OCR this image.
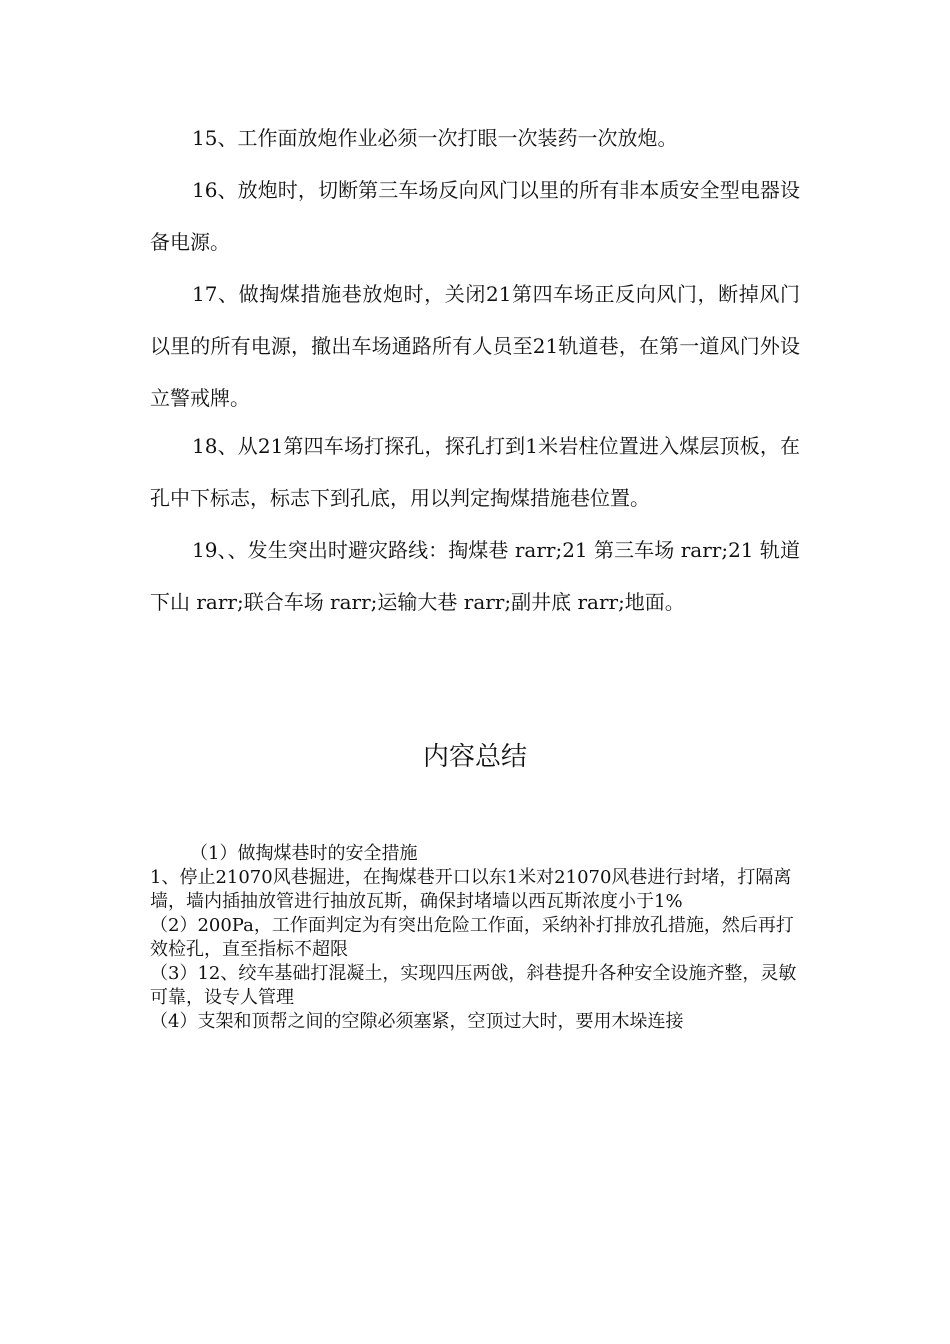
15、工作面放炮作业必须一次打眼一次装药一次放炮。

16、放炮时，切断第三车场反向风门以里的所有非本质安全型电器设备电源。

17、做掏煤措施巷放炮时，关闭21第四车场正反向风门，断掉风门以里的所有电源，撤出车场通路所有人员至21轨道巷，在第一道风门外设立警戒牌。

18、从21第四车场打探孔，探孔打到1米岩柱位置进入煤层顶板，在孔中下标志，标志下到孔底，用以判定掏煤措施巷位置。

19、、发生突出时避灾路线：掏煤巷 rarr;21 第三车场 rarr;21 轨道下山 rarr;联合车场 rarr;运输大巷 rarr;副井底 rarr;地面。

内容总结

（1）做掏煤巷时的安全措施

1、停止21070风巷掘进，在掏煤巷开口以东1米对21070风巷进行封堵，打隔离墙，墙内插抽放管进行抽放瓦斯，确保封堵墙以西瓦斯浓度小于1%

（2）200Pa，工作面判定为有突出危险工作面，采纳补打排放孔措施，然后再打效检孔，直至指标不超限

（3）12、绞车基础打混凝土，实现四压两戗，斜巷提升各种安全设施齐整，灵敏可靠，设专人管理

（4）支架和顶帮之间的空隙必须塞紧，空顶过大时，要用木垛连接
